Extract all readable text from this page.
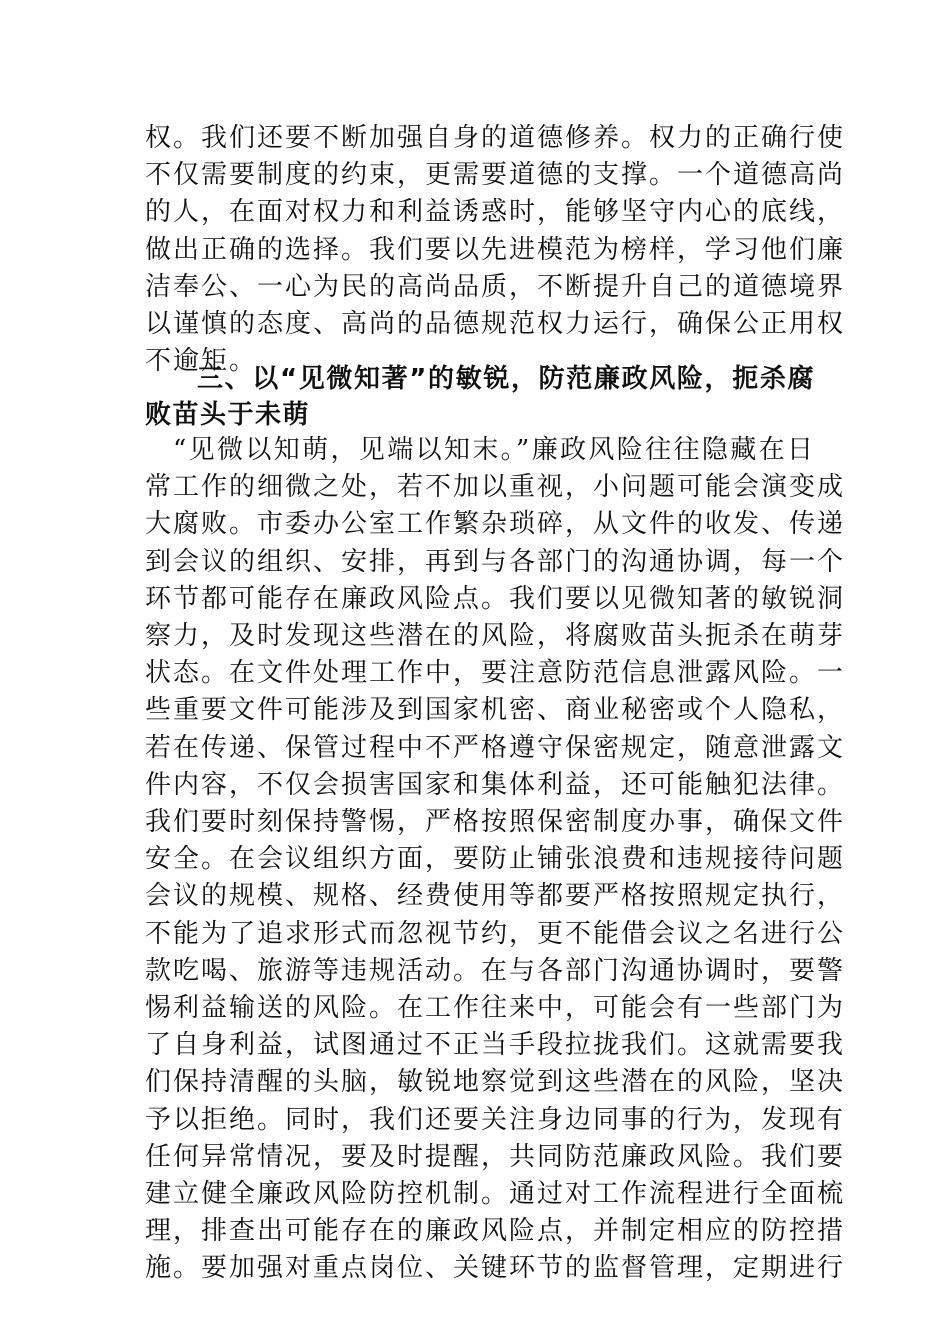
权。我们还要不断加强自身的道德修养。权力的正确行使
不仅需要制度的约束，更需要道德的支撑。一个道德高尚
的人，在面对权力和利益诱惑时，能够坚守内心的底线，
做出正确的选择。我们要以先进模范为榜样，学习他们廉
洁奉公、一心为民的高尚品质，不断提升自己的道德境界
以谨慎的态度、高尚的品德规范权力运行，确保公正用权
不逾矩。
三、以“见微知著”的敏锐，防范廉政风险，扼杀腐
败苗头于未萌
“见微以知萌，见端以知末。”廉政风险往往隐藏在日
常工作的细微之处，若不加以重视，小问题可能会演变成
大腐败。市委办公室工作繁杂琐碎，从文件的收发、传递
到会议的组织、安排，再到与各部门的沟通协调，每一个
环节都可能存在廉政风险点。我们要以见微知著的敏锐洞
察力，及时发现这些潜在的风险，将腐败苗头扼杀在萌芽
状态。在文件处理工作中，要注意防范信息泄露风险。一
些重要文件可能涉及到国家机密、商业秘密或个人隐私，
若在传递、保管过程中不严格遵守保密规定，随意泄露文
件内容，不仅会损害国家和集体利益，还可能触犯法律。
我们要时刻保持警惕，严格按照保密制度办事，确保文件
安全。在会议组织方面，要防止铺张浪费和违规接待问题
会议的规模、规格、经费使用等都要严格按照规定执行，
不能为了追求形式而忽视节约，更不能借会议之名进行公
款吃喝、旅游等违规活动。在与各部门沟通协调时，要警
惕利益输送的风险。在工作往来中，可能会有一些部门为
了自身利益，试图通过不正当手段拉拢我们。这就需要我
们保持清醒的头脑，敏锐地察觉到这些潜在的风险，坚决
予以拒绝。同时，我们还要关注身边同事的行为，发现有
任何异常情况，要及时提醒，共同防范廉政风险。我们要
建立健全廉政风险防控机制。通过对工作流程进行全面梳
理，排查出可能存在的廉政风险点，并制定相应的防控措
施。要加强对重点岗位、关键环节的监督管理，定期进行
